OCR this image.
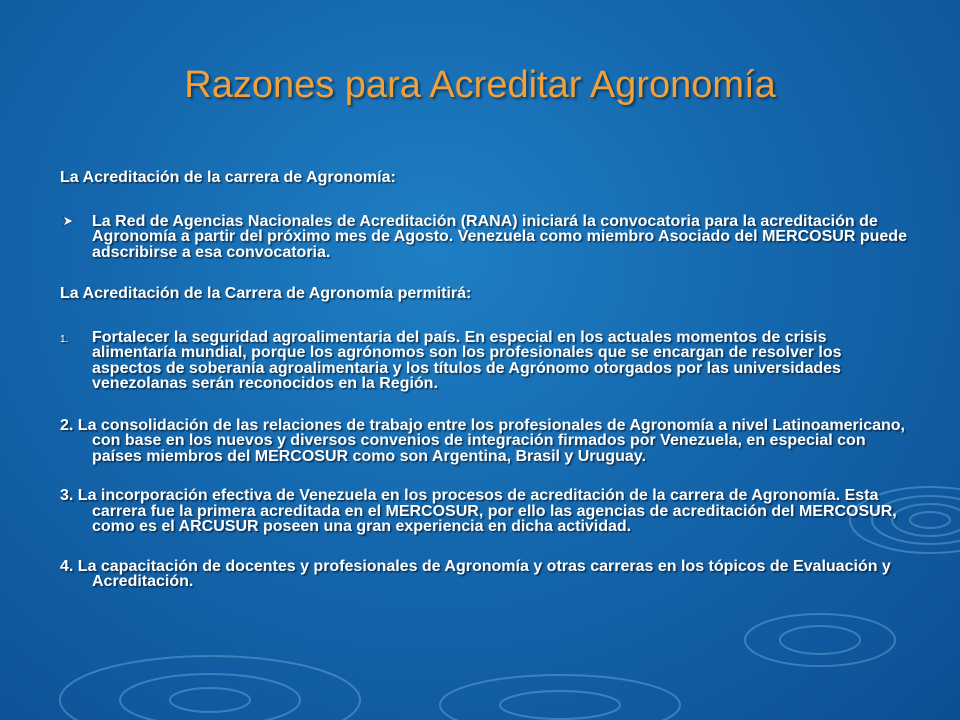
Razones para Acreditar Agronomía
La Acreditación de la carrera de Agronomía:
La Red de Agencias Nacionales de Acreditación (RANA) iniciará la convocatoria para la acreditación de Agronomía a partir del próximo mes de Agosto. Venezuela como miembro Asociado del MERCOSUR puede adscribirse a esa convocatoria.
La Acreditación de la Carrera de Agronomía permitirá:
1. Fortalecer la seguridad agroalimentaria del país. En especial en los actuales momentos de crisis alimentaría mundial, porque los agrónomos son los profesionales que se encargan de resolver los aspectos de soberanía agroalimentaria y los títulos de Agrónomo otorgados por las universidades venezolanas serán reconocidos en la Región.
2. La consolidación de las relaciones de trabajo entre los profesionales de Agronomía a nivel Latinoamericano, con base en los nuevos y diversos convenios de integración firmados por Venezuela, en especial con países miembros del MERCOSUR como son Argentina, Brasil y Uruguay.
3. La incorporación efectiva de Venezuela en los procesos de acreditación de la carrera de Agronomía. Esta carrera fue la primera acreditada en el MERCOSUR, por ello las agencias de acreditación del MERCOSUR, como es el ARCUSUR poseen una gran experiencia en dicha actividad.
4. La capacitación de docentes y profesionales de Agronomía y otras carreras en los tópicos de Evaluación y Acreditación.
